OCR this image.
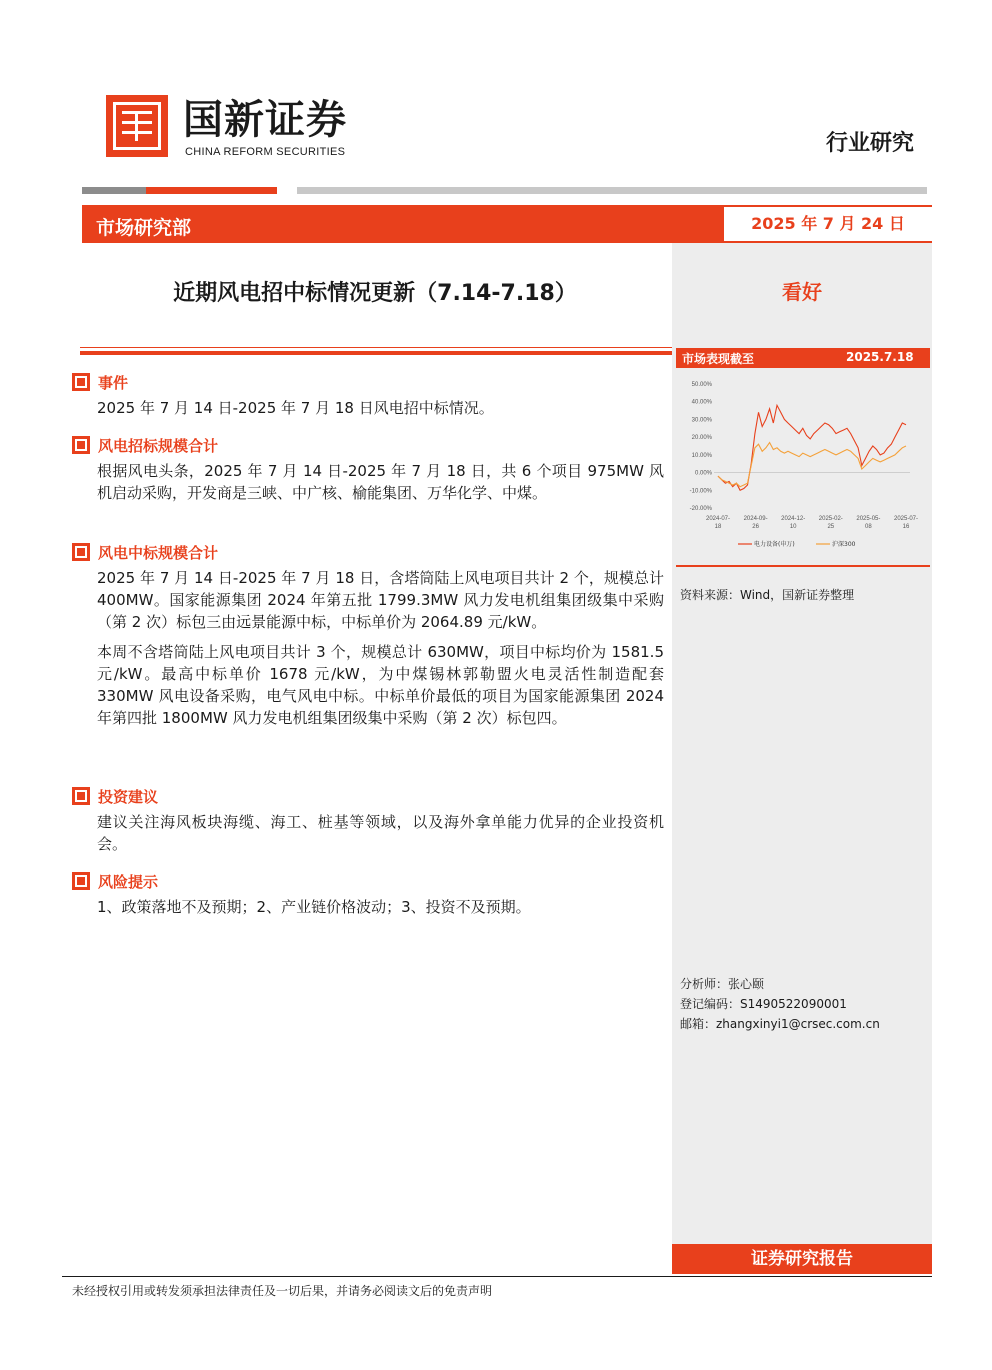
国新证券
CHINA REFORM SECURITIES	行业研究
市场研究部	2025 年 7 月 24 日
近期风电招中标情况更新（7.14-7.18）	看好
市场表现截至	2025.7.18
50.00%
40.00%
30.00%
20.00%
10.00%
0.00%
-10.00%
-20.00%
2024-07-
18
2024-09-
26
2024-12-
10
2025-02-
25
2025-05-
08
2025-07-
16
电力设备(申万)	沪深300
资料来源：Wind，国新证券整理
事件

2025 年 7 月 14 日-2025 年 7 月 18 日风电招中标情况。

风电招标规模合计

根据风电头条，2025 年 7 月 14 日-2025 年 7 月 18 日，共 6 个项目 975MW 风机启动采购，开发商是三峡、中广核、榆能集团、万华化学、中煤。

风电中标规模合计

2025 年 7 月 14 日-2025 年 7 月 18 日，含塔筒陆上风电项目共计 2 个，规模总计 400MW。国家能源集团 2024 年第五批 1799.3MW 风力发电机组集团级集中采购（第 2 次）标包三由远景能源中标，中标单价为 2064.89 元/kW。

本周不含塔筒陆上风电项目共计 3 个，规模总计 630MW，项目中标均价为 1581.5 元/kW。最高中标单价 1678 元/kW，为中煤锡林郭勒盟火电灵活性制造配套 330MW 风电设备采购，电气风电中标。中标单价最低的项目为国家能源集团 2024 年第四批 1800MW 风力发电机组集团级集中采购（第 2 次）标包四。

投资建议

建议关注海风板块海缆、海工、桩基等领域，以及海外拿单能力优异的企业投资机会。

风险提示

1、政策落地不及预期；2、产业链价格波动；3、投资不及预期。

分析师：张心颐
登记编码：S1490522090001
邮箱：zhangxinyi1@crsec.com.cn
证券研究报告
未经授权引用或转发须承担法律责任及一切后果，并请务必阅读文后的免责声明
